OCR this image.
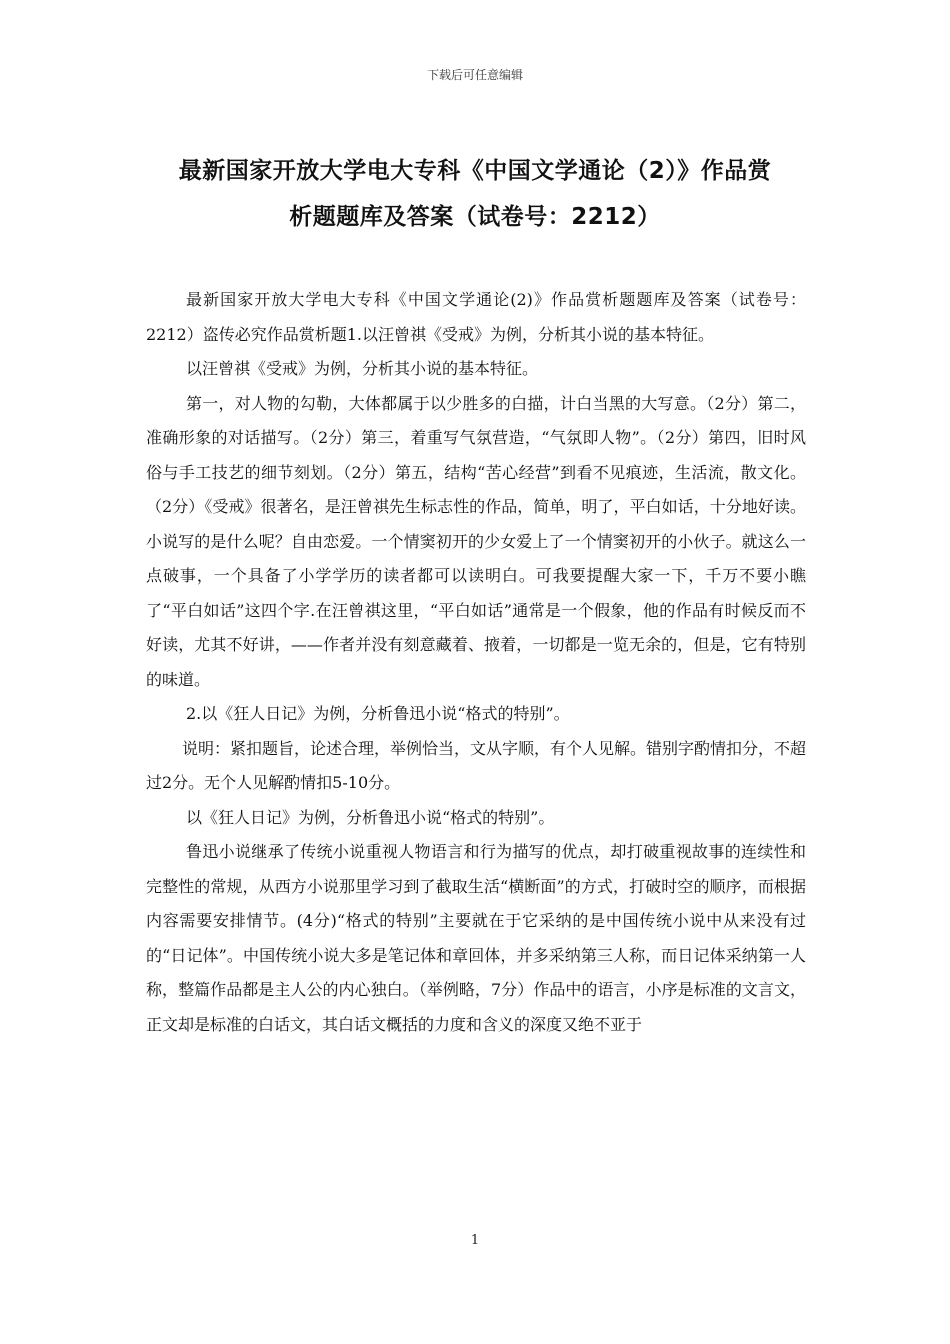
下载后可任意编辑
最新国家开放大学电大专科《中国文学通论（2）》作品赏
析题题库及答案（试卷号：2212）

最新国家开放大学电大专科《中国文学通论(2)》作品赏析题题库及答案（试卷号：2212）盗传必究作品赏析题1.以汪曾祺《受戒》为例，分析其小说的基本特征。

以汪曾祺《受戒》为例，分析其小说的基本特征。

第一，对人物的勾勒，大体都属于以少胜多的白描，计白当黑的大写意。（2分）第二，准确形象的对话描写。（2分）第三，着重写气氛营造，“气氛即人物”。（2分）第四，旧时风俗与手工技艺的细节刻划。（2分）第五，结构“苦心经营”到看不见痕迹，生活流，散文化。（2分）《受戒》很著名，是汪曾祺先生标志性的作品，简单，明了，平白如话，十分地好读。小说写的是什么呢？自由恋爱。一个情窦初开的少女爱上了一个情窦初开的小伙子。就这么一点破事，一个具备了小学学历的读者都可以读明白。可我要提醒大家一下，千万不要小瞧了“平白如话”这四个字.在汪曾祺这里，“平白如话”通常是一个假象，他的作品有时候反而不好读，尤其不好讲，——作者并没有刻意藏着、掖着，一切都是一览无余的，但是，它有特别的味道。

2.以《狂人日记》为例，分析鲁迅小说“格式的特别”。

说明：紧扣题旨，论述合理，举例恰当，文从字顺，有个人见解。错别字酌情扣分，不超过2分。无个人见解酌情扣5-10分。

以《狂人日记》为例，分析鲁迅小说“格式的特别”。

鲁迅小说继承了传统小说重视人物语言和行为描写的优点，却打破重视故事的连续性和完整性的常规，从西方小说那里学习到了截取生活“横断面”的方式，打破时空的顺序，而根据内容需要安排情节。(4分)“格式的特别”主要就在于它采纳的是中国传统小说中从来没有过的“日记体”。中国传统小说大多是笔记体和章回体，并多采纳第三人称，而日记体采纳第一人称，整篇作品都是主人公的内心独白。（举例略，7分）作品中的语言，小序是标准的文言文，正文却是标准的白话文，其白话文概括的力度和含义的深度又绝不亚于

1
